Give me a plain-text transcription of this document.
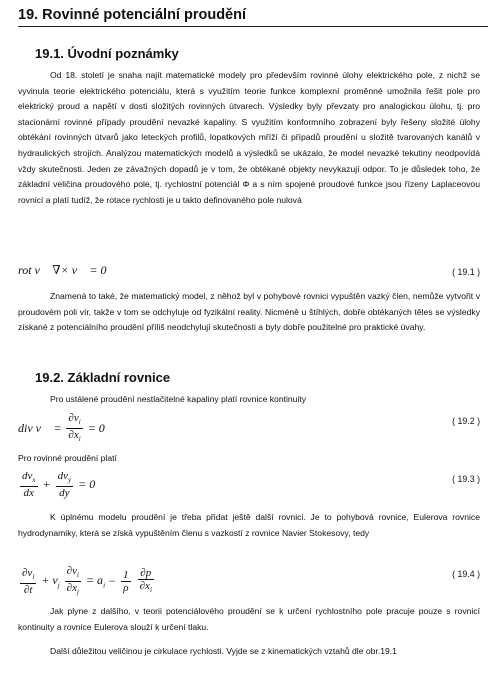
19. Rovinné potenciální proudění
19.1. Úvodní poznámky
Od 18. století je snaha najít matematické modely pro především rovinné úlohy elektrického pole, z nichž se vyvinula teorie elektrického potenciálu, která s využitím teorie funkce komplexní proměnné umožnila řešit pole pro elektrický proud a napětí v dosti složitých rovinných útvarech. Výsledky byly převzaty pro analogickou úlohu, tj. pro stacionární rovinné případy proudění nevazké kapaliny. S využitím konformního zobrazení byly řešeny složité úlohy obtékání rovinných útvarů jako leteckých profilů, lopatkových mříží či případů proudění u složitě tvarovaných kanálů v hydraulických strojích. Analýzou matematických modelů a výsledků se ukázalo, že model nevazké tekutiny neodpovídá vždy skutečnosti. Jeden ze závažných dopadů je v tom, že obtékané objekty nevykazují odpor. To je důsledek toho, že základní veličina proudového pole, tj. rychlostní potenciál Φ a s ním spojené proudové funkce jsou řízeny Laplaceovou rovnicí a platí tudíž, že rotace rychlosti je u takto definovaného pole nulová
rot v⃗ ∇× v⃗ = 0	( 19.1 )
Znamená to také, že matematický model, z něhož byl v pohybové rovnici vypuštěn vazký člen, nemůže vytvořit v proudovém poli vír, takže v tom se odchyluje od fyzikální reality. Nicméně u štíhlých, dobře obtékaných těles se výsledky získané z potenciálního proudění příliš neodchylují skutečnosti a byly dobře použitelné pro praktické úvahy.
19.2. Základní rovnice
Pro ustálené proudění nestlačitelné kapaliny platí rovnice kontinuity
div v⃗ = $\frac{\partial v_i}{\partial x_i} = 0$
( 19.2 )
Pro rovinné proudění platí
$\frac{dv_x}{dx} + \frac{dv_y}{dy} = 0$	( 19.3 )
K úplnému modelu proudění je třeba přidat ještě další rovnici. Je to pohybová rovnice, Eulerova rovnice hydrodynamiky, která se získá vypuštěním členu s vazkostí z rovnice Navier Stokesovy, tedy
$\frac{\partial v_i}{\partial t} + v_j \frac{\partial v_i}{\partial x_j} = a_i - \frac{1}{\rho}$
$\frac{\partial p}{\partial x_i}$	( 19.4 )
Jak plyne z dalšího, v teorii potenciálového proudění se k určení rychlostního pole pracuje pouze s rovnicí kontinuity a rovnice Eulerova slouží k určení tlaku.
Další důležitou veličinou je cirkulace rychlosti. Vyjde se z kinematických vztahů dle obr.19.1
